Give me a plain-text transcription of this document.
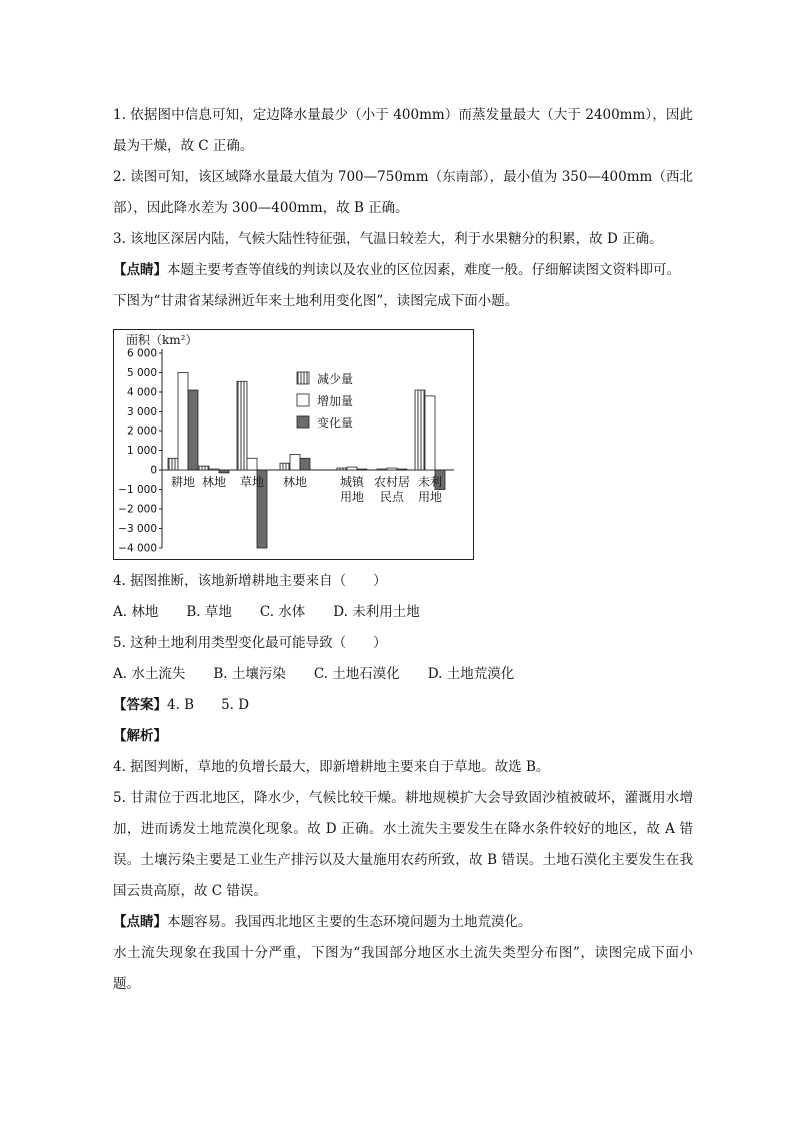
1. 依据图中信息可知，定边降水量最少（小于 400mm）而蒸发量最大（大于 2400mm），因此最为干燥，故 C 正确。

2. 读图可知，该区域降水量最大值为 700—750mm（东南部），最小值为 350—400mm（西北部），因此降水差为 300—400mm，故 B 正确。

3. 该地区深居内陆，气候大陆性特征强，气温日较差大，利于水果糖分的积累，故 D 正确。

【点睛】本题主要考查等值线的判读以及农业的区位因素，难度一般。仔细解读图文资料即可。

下图为“甘肃省某绿洲近年来土地利用变化图”，读图完成下面小题。

面积（km²）
6 000
5 000
4 000
3 000
2 000
1 000
0
−1 000
−2 000
−3 000
−4 000
耕地 林地 草地 林地	城镇
用地
农村居
民点
未利
用地
减少量
增加量
变化量

4. 据图推断，该地新增耕地主要来自（　　）

A. 林地 B. 草地 C. 水体 D. 未利用土地

5. 这种土地利用类型变化最可能导致（　　）

A. 水土流失 B. 土壤污染 C. 土地石漠化 D. 土地荒漠化

【答案】4. B　　5. D

【解析】

4. 据图判断，草地的负增长最大，即新增耕地主要来自于草地。故选 B。

5. 甘肃位于西北地区，降水少，气候比较干燥。耕地规模扩大会导致固沙植被破坏，灌溉用水增加，进而诱发土地荒漠化现象。故 D 正确。水土流失主要发生在降水条件较好的地区，故 A 错误。土壤污染主要是工业生产排污以及大量施用农药所致，故 B 错误。土地石漠化主要发生在我国云贵高原，故 C 错误。

【点睛】本题容易。我国西北地区主要的生态环境问题为土地荒漠化。

水土流失现象在我国十分严重，下图为“我国部分地区水土流失类型分布图”，读图完成下面小题。
